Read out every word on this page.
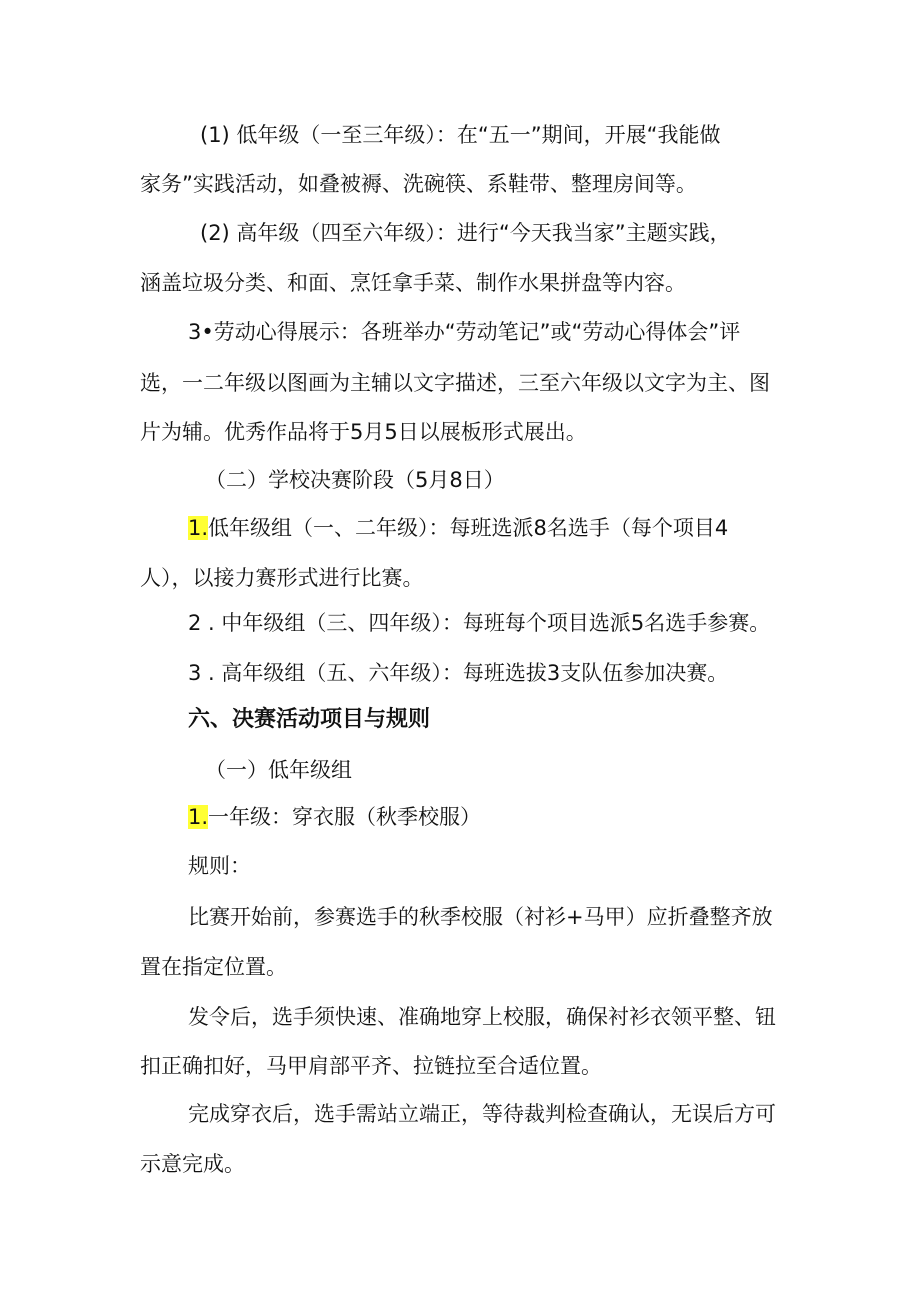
(1) 低年级（一至三年级）：在“五一”期间，开展“我能做

家务”实践活动，如叠被褥、洗碗筷、系鞋带、整理房间等。

(2) 高年级（四至六年级）：进行“今天我当家”主题实践，

涵盖垃圾分类、和面、烹饪拿手菜、制作水果拼盘等内容。

3•劳动心得展示：各班举办“劳动笔记”或“劳动心得体会”评

选，一二年级以图画为主辅以文字描述，三至六年级以文字为主、图

片为辅。优秀作品将于5月5日以展板形式展出。

（二）学校决赛阶段（5月8日）

1.低年级组（一、二年级）：每班选派8名选手（每个项目4

人），以接力赛形式进行比赛。

2 . 中年级组（三、四年级）：每班每个项目选派5名选手参赛。

3 . 高年级组（五、六年级）：每班选拔3支队伍参加决赛。

六、决赛活动项目与规则

（一）低年级组

1.一年级：穿衣服（秋季校服）

规则：

比赛开始前，参赛选手的秋季校服（衬衫+马甲）应折叠整齐放

置在指定位置。

发令后，选手须快速、准确地穿上校服，确保衬衫衣领平整、钮

扣正确扣好，马甲肩部平齐、拉链拉至合适位置。

完成穿衣后，选手需站立端正，等待裁判检查确认，无误后方可

示意完成。
